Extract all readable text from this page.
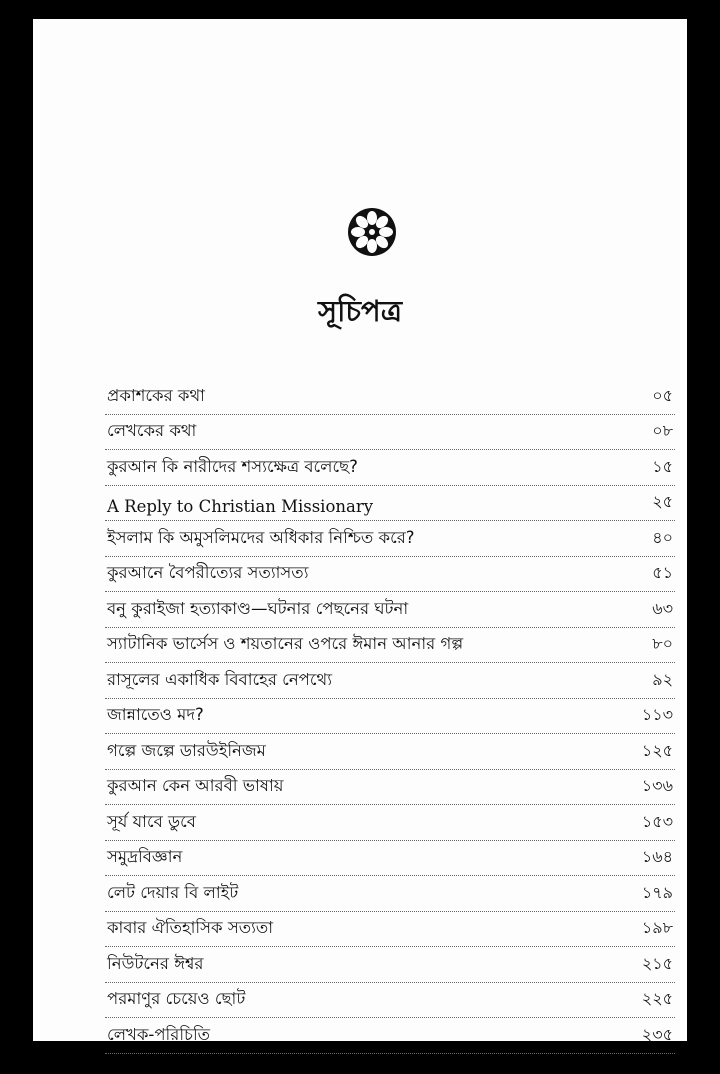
সূচিপত্র
প্রকাশকের কথা	০৫
লেখকের কথা	০৮
কুরআন কি নারীদের শস্যক্ষেত্র বলেছে?	১৫
A Reply to Christian Missionary	২৫
ইসলাম কি অমুসলিমদের অধিকার নিশ্চিত করে?	৪০
কুরআনে বৈপরীত্যের সত্যাসত্য	৫১
বনু কুরাইজা হত্যাকাণ্ড—ঘটনার পেছনের ঘটনা	৬৩
স্যাটানিক ভার্সেস ও শয়তানের ওপরে ঈমান আনার গল্প	৮০
রাসূলের একাধিক বিবাহের নেপথ্যে	৯২
জান্নাতেও মদ?	১১৩
গল্পে জল্পে ডারউইনিজম	১২৫
কুরআন কেন আরবী ভাষায়	১৩৬
সূর্য যাবে ডুবে	১৫৩
সমুদ্রবিজ্ঞান	১৬৪
লেট দেয়ার বি লাইট	১৭৯
কাবার ঐতিহাসিক সত্যতা	১৯৮
নিউটনের ঈশ্বর	২১৫
পরমাণুর চেয়েও ছোট	২২৫
লেখক-পরিচিতি	২৩৫
